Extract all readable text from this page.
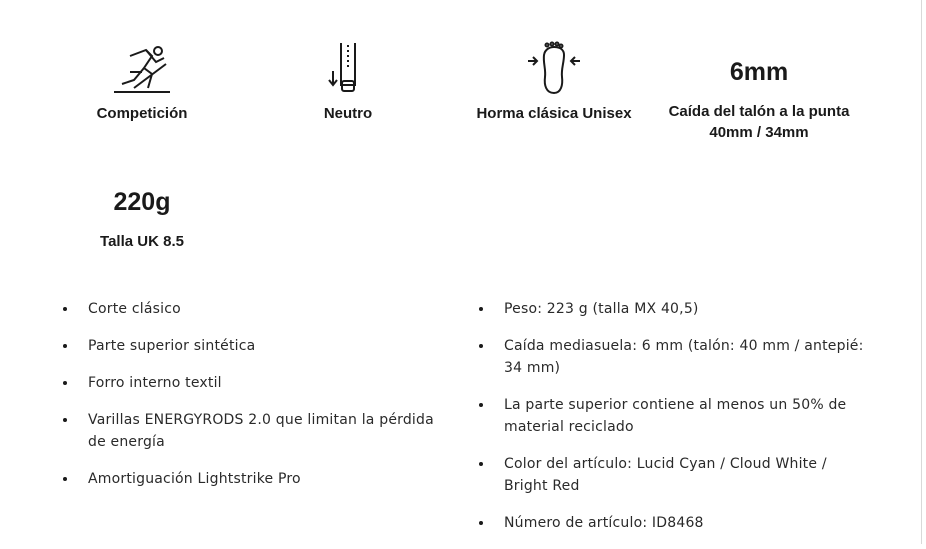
Competición	Neutro	Horma clásica Unisex
6mm
Caída del talón a la punta
40mm / 34mm
220g
Talla UK 8.5
Corte clásico
Parte superior sintética
Forro interno textil
Varillas ENERGYRODS 2.0 que limitan la pérdida de energía
Amortiguación Lightstrike Pro
Peso: 223 g (talla MX 40,5)
Caída mediasuela: 6 mm (talón: 40 mm / antepié: 34 mm)
La parte superior contiene al menos un 50% de material reciclado
Color del artículo: Lucid Cyan / Cloud White / Bright Red
Número de artículo: ID8468
